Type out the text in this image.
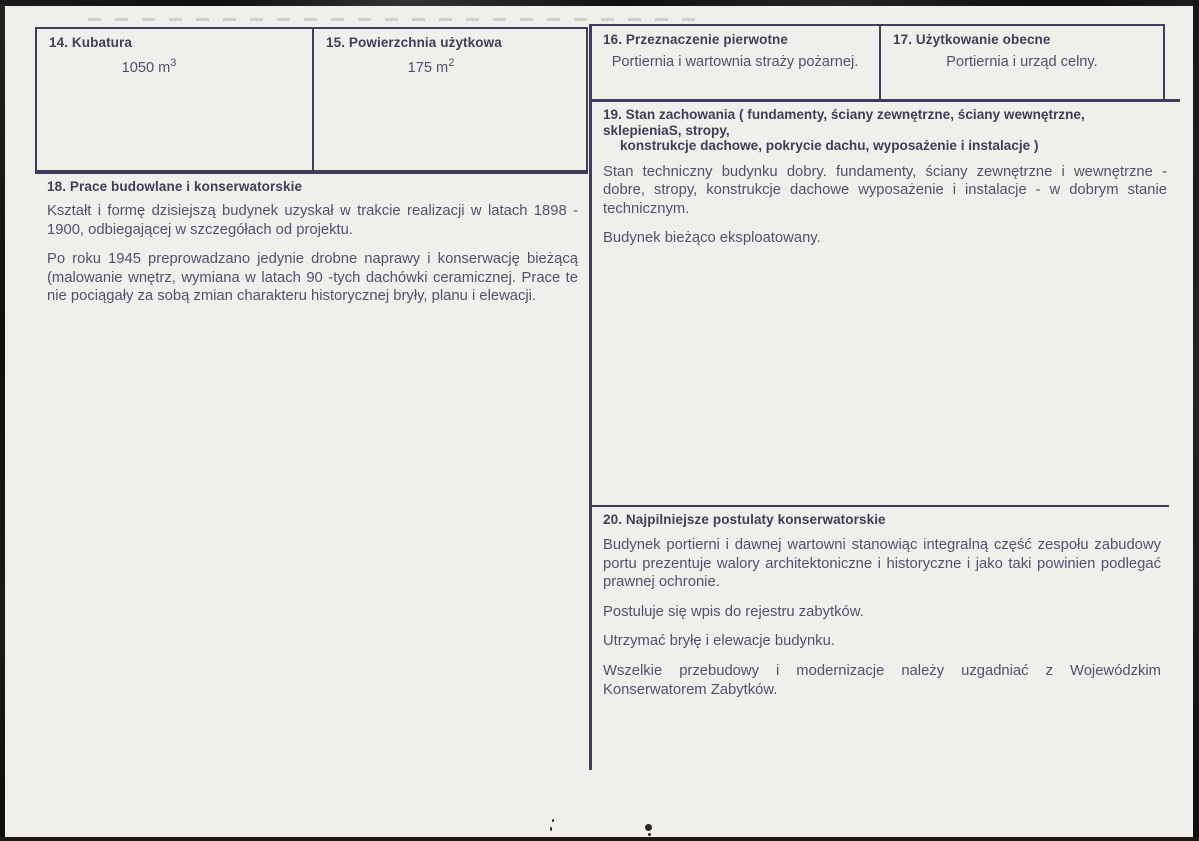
14. Kubatura
1050 $m^3$
15. Powierzchnia użytkowa
175 $m^2$
18. Prace budowlane i konserwatorskie

Kształt i formę dzisiejszą budynek uzyskał w trakcie realizacji w latach 1898 - 1900, odbiegającej w szczegółach od projektu.

Po roku 1945 preprowadzano jedynie drobne naprawy i konserwację bieżącą (malowanie wnętrz, wymiana w latach 90 -tych dachówki ceramicznej. Prace te nie pociągały za sobą zmian charakteru historycznej bryły, planu i elewacji.

16. Przeznaczenie pierwotne
Portiernia i wartownia straży pożarnej.
17. Użytkowanie obecne
Portiernia i urząd celny.
19. Stan zachowania ( fundamenty, ściany zewnętrzne, ściany wewnętrzne, sklepieniaS, stropy,
konstrukcje dachowe, pokrycie dachu, wyposażenie i instalacje )

Stan techniczny budynku dobry. fundamenty, ściany zewnętrzne i wewnętrzne - dobre, stropy, konstrukcje dachowe wyposażenie i instalacje - w dobrym stanie technicznym.

Budynek bieżąco eksploatowany.

20. Najpilniejsze postulaty konserwatorskie

Budynek portierni i dawnej wartowni stanowiąc integralną część zespołu zabudowy portu prezentuje walory architektoniczne i historyczne i jako taki powinien podlegać prawnej ochronie.

Postuluje się wpis do rejestru zabytków.

Utrzymać bryłę i elewacje budynku.

Wszelkie przebudowy i modernizacje należy uzgadniać z Wojewódzkim Konserwatorem Zabytków.
